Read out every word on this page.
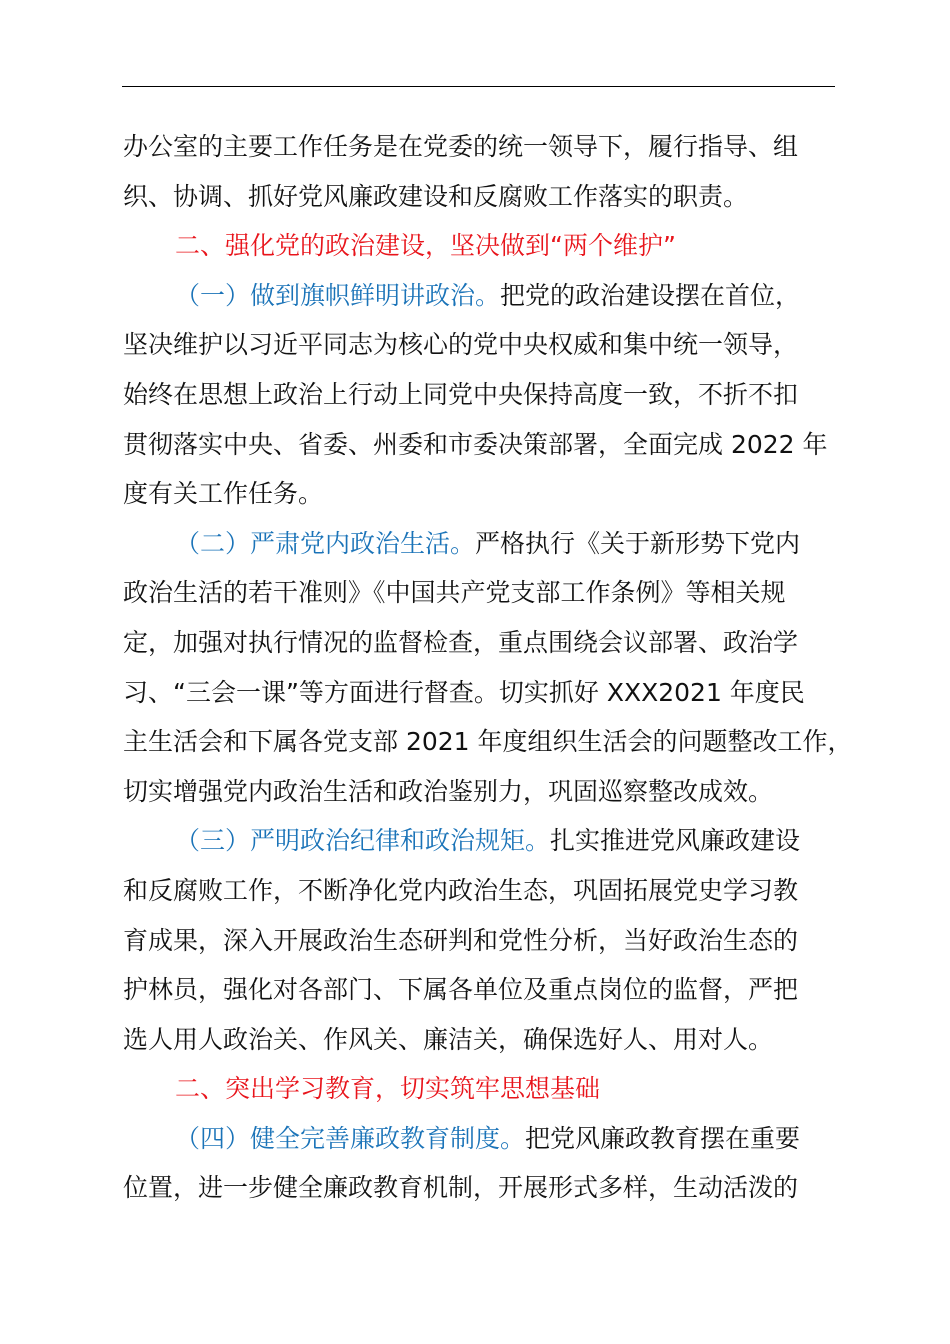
办公室的主要工作任务是在党委的统一领导下，履行指导、组
织、协调、抓好党风廉政建设和反腐败工作落实的职责。
二、强化党的政治建设，坚决做到“两个维护”
（一）做到旗帜鲜明讲政治。把党的政治建设摆在首位，
坚决维护以习近平同志为核心的党中央权威和集中统一领导，
始终在思想上政治上行动上同党中央保持高度一致，不折不扣
贯彻落实中央、省委、州委和市委决策部署，全面完成 2022 年
度有关工作任务。
（二）严肃党内政治生活。严格执行《关于新形势下党内
政治生活的若干准则》《中国共产党支部工作条例》等相关规
定，加强对执行情况的监督检查，重点围绕会议部署、政治学
习、“三会一课”等方面进行督查。切实抓好 XXX2021 年度民
主生活会和下属各党支部 2021 年度组织生活会的问题整改工作，
切实增强党内政治生活和政治鉴别力，巩固巡察整改成效。
（三）严明政治纪律和政治规矩。扎实推进党风廉政建设
和反腐败工作，不断净化党内政治生态，巩固拓展党史学习教
育成果，深入开展政治生态研判和党性分析，当好政治生态的
护林员，强化对各部门、下属各单位及重点岗位的监督，严把
选人用人政治关、作风关、廉洁关，确保选好人、用对人。
二、突出学习教育，切实筑牢思想基础
（四）健全完善廉政教育制度。把党风廉政教育摆在重要
位置，进一步健全廉政教育机制，开展形式多样，生动活泼的
